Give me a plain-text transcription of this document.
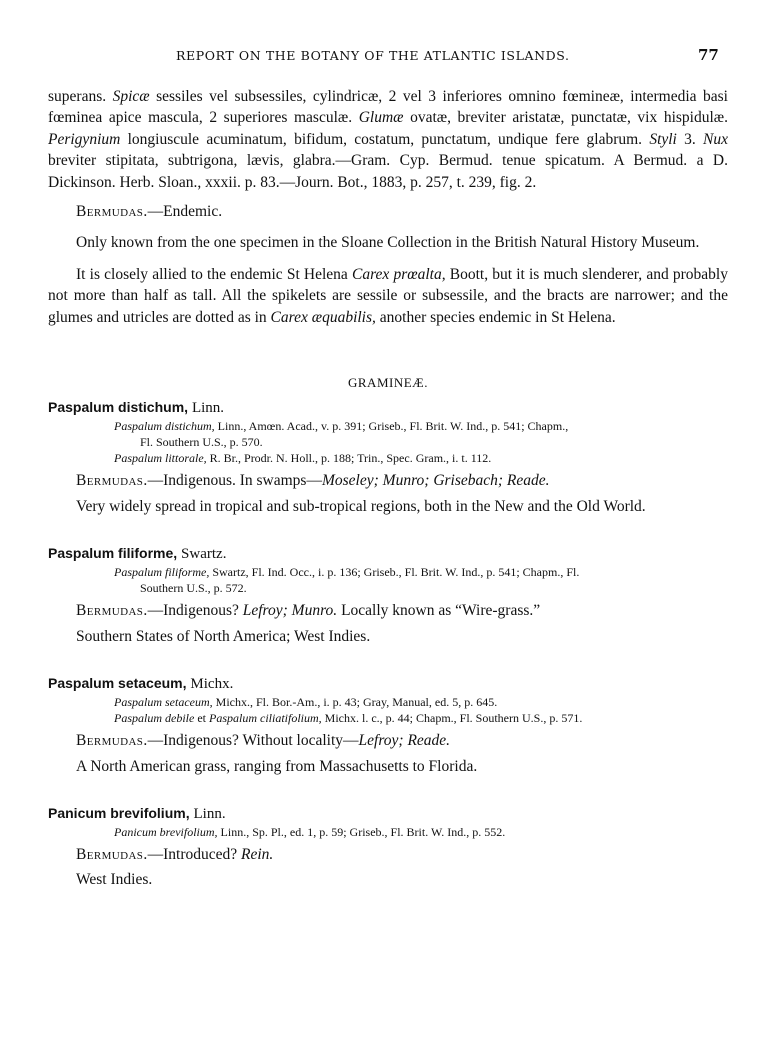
REPORT ON THE BOTANY OF THE ATLANTIC ISLANDS.	77

superans. Spicæ sessiles vel subsessiles, cylindricæ, 2 vel 3 inferiores omnino fœmineæ, intermedia basi fœminea apice mascula, 2 superiores masculæ. Glumæ ovatæ, breviter aristatæ, punctatæ, vix hispidulæ. Perigynium longiuscule acuminatum, bifidum, costatum, punctatum, undique fere glabrum. Styli 3. Nux breviter stipitata, subtrigona, lævis, glabra.—Gram. Cyp. Bermud. tenue spicatum. A Bermud. a D. Dickinson. Herb. Sloan., xxxii. p. 83.—Journ. Bot., 1883, p. 257, t. 239, fig. 2.

Bermudas.—Endemic.

Only known from the one specimen in the Sloane Collection in the British Natural History Museum.

It is closely allied to the endemic St Helena Carex prœalta, Boott, but it is much slenderer, and probably not more than half as tall. All the spikelets are sessile or subsessile, and the bracts are narrower; and the glumes and utricles are dotted as in Carex æquabilis, another species endemic in St Helena.

GRAMINEÆ.
Paspalum distichum, Linn.
Paspalum distichum, Linn., Amœn. Acad., v. p. 391; Griseb., Fl. Brit. W. Ind., p. 541; Chapm.,
Fl. Southern U.S., p. 570.
Paspalum littorale, R. Br., Prodr. N. Holl., p. 188; Trin., Spec. Gram., i. t. 112.

Bermudas.—Indigenous. In swamps—Moseley; Munro; Grisebach; Reade.

Very widely spread in tropical and sub-tropical regions, both in the New and the Old World.

Paspalum filiforme, Swartz.
Paspalum filiforme, Swartz, Fl. Ind. Occ., i. p. 136; Griseb., Fl. Brit. W. Ind., p. 541; Chapm., Fl.
Southern U.S., p. 572.

Bermudas.—Indigenous? Lefroy; Munro. Locally known as “Wire-grass.”

Southern States of North America; West Indies.

Paspalum setaceum, Michx.
Paspalum setaceum, Michx., Fl. Bor.-Am., i. p. 43; Gray, Manual, ed. 5, p. 645.
Paspalum debile et Paspalum ciliatifolium, Michx. l. c., p. 44; Chapm., Fl. Southern U.S., p. 571.

Bermudas.—Indigenous? Without locality—Lefroy; Reade.

A North American grass, ranging from Massachusetts to Florida.

Panicum brevifolium, Linn.
Panicum brevifolium, Linn., Sp. Pl., ed. 1, p. 59; Griseb., Fl. Brit. W. Ind., p. 552.

Bermudas.—Introduced? Rein.

West Indies.
